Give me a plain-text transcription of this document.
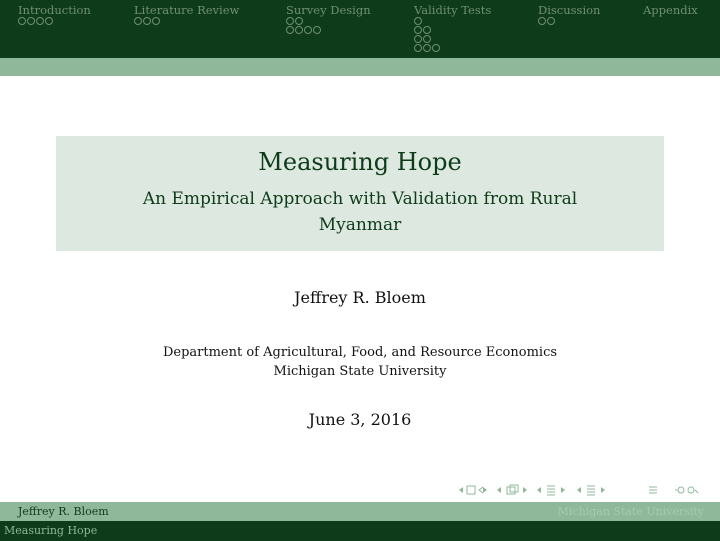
Introduction	Literature Review	Survey Design	Validity Tests	Discussion	Appendix
Measuring Hope
An Empirical Approach with Validation from Rural Myanmar
Jeffrey R. Bloem
Department of Agricultural, Food, and Resource Economics
Michigan State University
June 3, 2016
Jeffrey R. Bloem	Michigan State University
Measuring Hope
